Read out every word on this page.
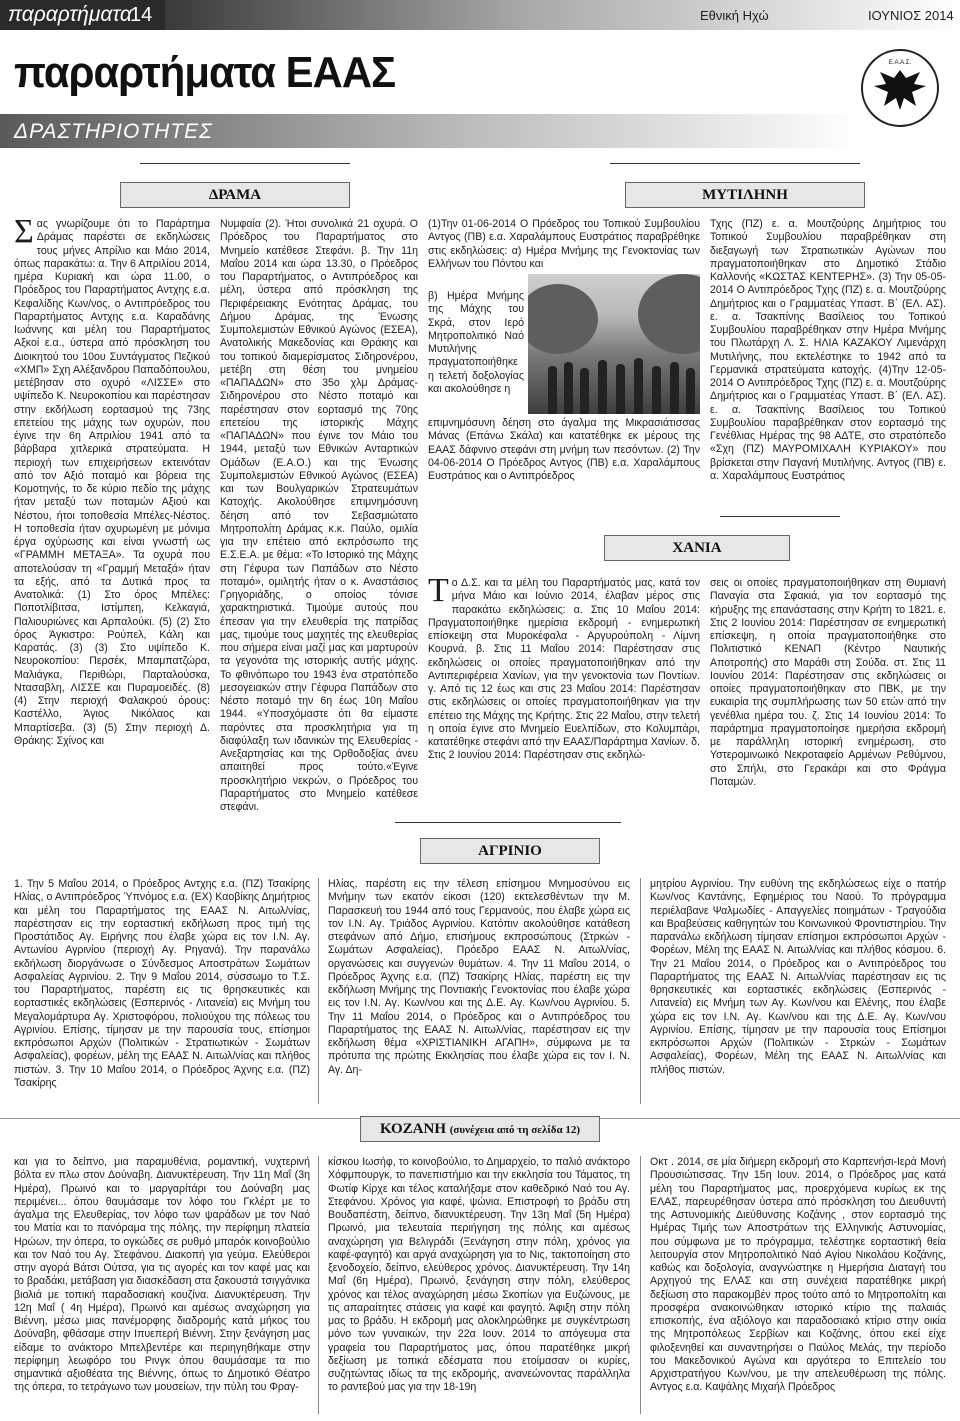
παραρτήματα
14	Εθνική Ηχώ	ΙΟΥΝΙΟΣ 2014
παραρτήματα ΕΑΑΣ
ΔΡΑΣΤΗΡΙΟΤΗΤΕΣ
Ε.Α.Α.Σ.
ΔΡΑΜΑ
Σας γνωρίζουμε ότι το Παράρτημα Δράμας παρέστει σε εκδηλώσεις τους μήνες Απρίλιο και Μάιο 2014, όπως παρακάτω: α. Την 6 Απριλίου 2014, ημέρα Κυριακή και ώρα 11.00, ο Πρόεδρος του Παραρτήματος Αντχης ε.α. Κεφαλίδης Κων/νος, ο Αντιπρόεδρος του Παραρτήματος Αντχης ε.α. Καραδάνης Ιωάννης και μέλη του Παραρτήματος Αξκοί ε.α., ύστερα από πρόσκληση του Διοικητού του 10ου Συντάγματος Πεζικού «ΧΜΠ» Σχη Αλέξανδρου Παπαδόπουλου, μετέβησαν στο οχυρό «ΛΙΣΣΕ» στο υψίπεδο Κ. Νευροκοπίου και παρέστησαν στην εκδήλωση εορτασμού της 73ης επετείου της μάχης των οχυρών, που έγινε την 6η Απριλίου 1941 από τα βάρβαρα χιτλερικά στρατεύματα. Η περιοχή των επιχειρήσεων εκτεινόταν από τον Αξιό ποταμό και βόρεια της Κομοτηνής, το δε κύριο πεδίο της μάχης ήταν μεταξύ των ποταμών Αξιού και Νέστου, ήτοι τοποθεσία Μπέλες-Νέστος. Η τοποθεσία ήταν οχυρωμένη με μόνιμα έργα οχύρωσης και είναι γνωστή ως «ΓΡΑΜΜΗ ΜΕΤΑΞΑ». Τα οχυρά που αποτελούσαν τη «Γραμμή Μεταξά» ήταν τα εξής, από τα Δυτικά προς τα Ανατολικά: (1) Στο όρος Μπέλες: Ποποτλίβιτσα, Ιστίμπεη, Κελκαγιά, Παλιουριώνες και Αρπαλούκι. (5) (2) Στο όρος Άγκιστρο: Ρούπελ, Κάλη και Καρατάς. (3) (3) Στο υψίπεδο Κ. Νευροκοπίου: Περσέκ, Μπαμπατζώρα, Μαλιάγκα, Περιθώρι, Παρταλούσκα, Ντασαβλη, ΛΙΣΣΕ και Πυραμοειδές. (8) (4) Στην περιοχή Φαλακρού όρους: Καστέλλο, Άγιος Νικόλαος και Μπαρτίσεβα. (3) (5) Στην περιοχή Δ. Θράκης: Σχίνος και
Νυμφαία (2). Ήτοι συνολικά 21 οχυρά. Ο Πρόεδρος του Παραρτήματος στο Μνημείο κατέθεσε Στεφάνι. β. Την 11η Μαΐου 2014 και ώρα 13.30, ο Πρόεδρος του Παραρτήματος, ο Αντιπρόεδρος και μέλη, ύστερα από πρόσκληση της Περιφέρειακης Ενότητας Δράμας, του Δήμου Δράμας, της Ένωσης Συμπολεμιστών Εθνικού Αγώνος (ΕΣΕΑ), Ανατολικής Μακεδονίας και Θράκης και του τοπικού διαμερίσματος Σιδηρονέρου, μετέβη στη θέση του μνημείου «ΠΑΠΑΔΩΝ» στο 35ο χλμ Δράμας-Σιδηρονέρου στο Νέστο ποταμό και παρέστησαν στον εορτασμό της 70ης επετείου της ιστορικής Μάχης «ΠΑΠΑΔΩΝ» που έγινε τον Μάιο του 1944, μεταξύ των Εθνικών Ανταρτικών Ομάδων (Ε.Α.Ο.) και της Ένωσης Συμπολεμιστών Εθνικού Αγώνος (ΕΣΕΑ) και των Βουλγαρικών Στρατευμάτων Κατοχής. Ακολούθησε επιμνημόσυνη δέηση από τον Σεβασμιώτατο Μητροπολίτη Δράμας κ.κ. Παύλο, ομιλία για την επέτειο από εκπρόσωπο της Ε.Σ.Ε.Α. με θέμα: «Το Ιστορικό της Μάχης στη Γέφυρα των Παπάδων στο Νέστο ποταμό», ομιλητής ήταν ο κ. Αναστάσιος Γρηγοριάδης, ο οποίος τόνισε χαρακτηριστικά. Τιμούμε αυτούς που έπεσαν για την ελευθερία της πατρίδας μας, τιμούμε τους μαχητές της ελευθερίας που σήμερα είναι μαζί μας και μαρτυρούν τα γεγονότα της ιστορικής αυτής μάχης. Το φθινόπωρο του 1943 ένα στρατόπεδο μεσογειακών στην Γέφυρα Παπάδων στο Νέστο ποταμό την 6η έως 10η Μαΐου 1944. «Υποσχόμαστε ότι θα είμαστε παρόντες στα προσκλητήρια για τη διαφύλαξη των ιδανικών της Ελευθερίας - Ανεξαρτησίας και της Ορθοδοξίας άνευ απαιτηθεί προς τούτο.«Έγινε προσκλητήριο νεκρών, ο Πρόεδρος του Παραρτήματος στο Μνημείο κατέθεσε στεφάνι.
ΜΥΤΙΛΗΝΗ
(1)Την 01-06-2014 Ο Πρόεδρος του Τοπικού Συμβουλίου Αντγος (ΠΒ) ε.α. Χαραλάμπους Ευστράτιος παραβρέθηκε στις εκδηλώσεις: α) Ημέρα Μνήμης της Γενοκτονίας των Ελλήνων του Πόντου και
β) Ημέρα Μνήμης της Μάχης του Σκρά, στον Ιερό Μητροπολιτικό Ναό Μυτιλήνης πραγματοποιήθηκε η τελετή δοξολογίας και ακολούθησε η
επιμνημόσυνη δέηση στο άγαλμα της Μικρασιάτισσας Μάνας (Επάνω Σκάλα) και κατατέθηκε εκ μέρους της ΕΑΑΣ δάφνινο στεφάνι στη μνήμη των πεσόντων. (2) Την 04-06-2014 Ο Πρόεδρος Αντγος (ΠΒ) ε.α. Χαραλάμπους Ευστράτιος και ο Αντιπρόεδρος
Τχης (ΠΖ) ε. α. Μουτζούρης Δημήτριος του Τοπικού Συμβουλίου παραβρέθηκαν στη διεξαγωγή των Στρατιωτικών Αγώνων που πραγματοποιήθηκαν στο Δημοτικό Στάδιο Καλλονής «ΚΩΣΤΑΣ ΚΕΝΤΕΡΗΣ». (3) Την 05-05-2014 Ο Αντιπρόεδρος Τχης (ΠΖ) ε. α. Μουτζούρης Δημήτριος και ο Γραμματέας Υπαστ. Β΄ (ΕΛ. ΑΣ). ε. α. Τσακπίνης Βασίλειος του Τοπικού Συμβουλίου παραβρέθηκαν στην Ημέρα Μνήμης του Πλωτάρχη Λ. Σ. ΗΛΙΑ ΚΑΖΑΚΟΥ Λιμενάρχη Μυτιλήνης, που εκτελέστηκε το 1942 από τα Γερμανικά στρατεύματα κατοχής. (4)Την 12-05-2014 Ο Αντιπρόεδρος Τχης (ΠΖ) ε. α. Μουτζούρης Δημήτριος και ο Γραμματέας Υπαστ. Β΄ (ΕΛ. ΑΣ). ε. α. Τσακπίνης Βασίλειος του Τοπικού Συμβουλίου παραβρέθηκαν στον εορτασμό της Γενέθλιας Ημέρας της 98 ΑΔΤΕ, στο στρατόπεδο «Σχη (ΠΖ) ΜΑΥΡΟΜΙΧΑΛΗ ΚΥΡΙΑΚΟΥ» που βρίσκεται στην Παγανή Μυτιλήνης. Αντγος (ΠΒ) ε. α. Χαραλάμπους Ευστράτιος
ΧΑΝΙΑ
Το Δ.Σ. και τα μέλη του Παραρτήματός μας, κατά τον μήνα Μάιο και Ιούνιο 2014, έλαβαν μέρος στις παρακάτω εκδηλώσεις: α. Στις 10 Μαΐου 2014: Πραγματοποιήθηκε ημερίσια εκδρομή - ενημερωτική επίσκεψη στα Μυροκέφαλα - Αργυρούπολη - Λίμνη Κουρνά. β. Στις 11 Μαΐου 2014: Παρέστησαν στις εκδηλώσεις οι οποίες πραγματοποιήθηκαν από την Αντιπεριφέρεια Χανίων, για την γενοκτονία των Ποντίων. γ. Από τις 12 έως και στις 23 Μαΐου 2014: Παρέστησαν στις εκδηλώσεις οι οποίες πραγματοποιήθηκαν για την επέτειο της Μάχης της Κρήτης. Στις 22 Μαΐου, στην τελετή η οποία έγινε στο Μνημείο Ευελπίδων, στο Κολυμπάρι, κατατέθηκε στεφάνι από την ΕΑΑΣ/Παράρτημα Χανίων. δ. Στις 2 Ιουνίου 2014: Παρέστησαν στις εκδηλώ-
σεις οι οποίες πραγματοποιήθηκαν στη Θυμιανή Παναγία στα Σφακιά, για τον εορτασμό της κήρυξης της επανάστασης στην Κρήτη το 1821. ε. Στις 2 Ιουνίου 2014: Παρέστησαν σε ενημερωτική επίσκεψη, η οποία πραγματοποιήθηκε στο Πολιτιστικό ΚΕΝΑΠ (Κέντρο Ναυτικής Αποτροπής) στο Μαράθι στη Σούδα. στ. Στις 11 Ιουνίου 2014: Παρέστησαν στις εκδηλώσεις οι οποίες πραγματοποιήθηκαν στο ΠΒΚ, με την ευκαιρία της συμπλήρωσης των 50 ετών από την γενέθλια ημέρα του. ζ. Στις 14 Ιουνίου 2014: Το παράρτημα πραγματοποίησε ημερήσια εκδρομή με παράλληλη ιστορική ενημέρωση, στο Υστερομινωικό Νεκροταφείο Αρμένων Ρεθύμνου, στο Σπήλι, στο Γερακάρι και στο Φράγμα Ποταμών.
ΑΓΡΙΝΙΟ
1. Την 5 Μαΐου 2014, ο Πρόεδρος Αντχης ε.α. (ΠΖ) Τσακίρης Ηλίας, ο Αντιπρόεδρος Ύπνόμος ε.α. (ΕΧ) Καοβίκης Δημήτριος και μέλη του Παραρτήματος της ΕΑΑΣ Ν. Αιτωλ/νίας, παρέστησαν εις την εορταστική εκδήλωση προς τιμή της Προστάτιδος Αγ. Ειρήνης που έλαβε χώρα εις τον Ι.Ν. Αγ. Αντωνίου Αγρινίου (περιοχή Αγ. Ρηγανά). Την παρανάλω εκδήλωση διοργάνωσε ο Σύνδεσμος Αποστράτων Σωμάτων Ασφαλείας Αγρινίου. 2. Την 9 Μαΐου 2014, σύσσωμο το Τ.Σ. του Παραρτήματος, παρέστη εις τις θρησκευτικές και εορταστικές εκδηλώσεις (Εσπερινός - Λιτανεία) εις Μνήμη του Μεγαλομάρτυρα Αγ. Χριστοφόρου, πολιούχου της πόλεως του Αγρινίου. Επίσης, τίμησαν με την παρουσία τους, επίσημοι εκπρόσωποι Αρχών (Πολιτικών - Στρατιωτικών - Σωμάτων Ασφαλείας), φορέων, μέλη της ΕΑΑΣ Ν. Αιτωλ/νίας και πλήθος πιστών. 3. Την 10 Μαΐου 2014, ο Πρόεδρος Άχνης ε.α. (ΠΖ) Τσακίρης
Ηλίας, παρέστη εις την τέλεση επίσημου Μνημοσύνου εις Μνήμην των εκατόν είκοσι (120) εκτελεσθέντων την Μ. Παρασκευή του 1944 από τους Γερμανούς, που έλαβε χώρα εις τον Ι.Ν. Αγ. Τριάδος Αγρινίου. Κατόπιν ακολούθησε κατάθεση στεφάνων από Δήμο, επισήμους εκπροσώπους (Στρκών - Σωμάτων Ασφαλείας), Πρόεδρο ΕΑΑΣ Ν. Αιτωλ/νίας, οργανώσεις και συγγενών θυμάτων. 4. Την 11 Μαΐου 2014, ο Πρόεδρος Άχνης ε.α. (ΠΖ) Τσακίρης Ηλίας, παρέστη εις την εκδήλωση Μνήμης της Ποντιακής Γενοκτονίας που έλαβε χώρα εις τον Ι.Ν. Αγ. Κων/νου και της Δ.Ε. Αγ. Κων/νου Αγρινίου. 5. Την 11 Μαΐου 2014, ο Πρόεδρος και ο Αντιπρόεδρος του Παραρτήματος της ΕΑΑΣ Ν. Αιτωλ/νίας, παρέστησαν εις την εκδήλωση θέμα «ΧΡΙΣΤΙΑΝΙΚΗ ΑΓΑΠΗ», σύμφωνα με τα πρότυπα της πρώτης Εκκλησίας που έλαβε χώρα εις τον Ι. Ν. Αγ. Δη-
μητρίου Αγρινίου. Την ευθύνη της εκδηλώσεως είχε ο πατήρ Κων/νος Καντάνης, Εφημέριος του Ναού. Το πρόγραμμα περιέλαβανε Ψαλμωδίες - Απαγγελίες ποιημάτων - Τραγούδια και Βραβεύσεις καθηγητών του Κοινωνικού Φροντιστηρίου. Την παρανάλω εκδήλωση τίμησαν επίσημοι εκπρόσωποι Αρχών - Φορέων, Μέλη της ΕΑΑΣ Ν. Αιτωλ/νίας και πλήθος κόσμου. 6. Την 21 Μαΐου 2014, ο Πρόεδρος και ο Αντιπρόεδρος του Παραρτήματος της ΕΑΑΣ Ν. Αιτωλ/νίας παρέστησαν εις τις θρησκευτικές και εορταστικές εκδηλώσεις (Εσπερινός - Λιτανεία) εις Μνήμη των Αγ. Κων/νου και Ελένης, που έλαβε χώρα εις τον Ι.Ν. Αγ. Κων/νου και της Δ.Ε. Αγ. Κων/νου Αγρινίου. Επίσης, τίμησαν με την παρουσία τους Επίσημοι εκπρόσωποι Αρχών (Πολιτικών - Στρκών - Σωμάτων Ασφαλείας), Φορέων, Μέλη της ΕΑΑΣ Ν. Αιτωλ/νίας και πλήθος πιστών.
ΚΟΖΑΝΗ (συνέχεια από τη σελίδα 12)
και για το δείπνο, μια παραμυθένια, ρομαντική, νυχτερινή βόλτα εν πλω στον Δούναβη. Διανυκτέρευση. Την 11η Μαΐ (3η Ημέρα), Πρωινό και το μαργαρίτάρι του Δούναβη μας περιμένει... όπου θαυμάσαμε τον λόφο του Γκλέρτ με το άγαλμα της Ελευθερίας, τον λόφο των ψαράδων με τον Ναό του Ματία και το πανόραμα της πόλης, την περίφημη πλατεία Ηρώων, την όπερα, το ογκώδες σε ρυθμό μπαρόκ κοινοβούλιο και τον Ναό του Αγ. Στεφάνου. Διακοπή για γεύμα. Ελεύθεροι στην αγορά Βάτσι Ούτσα, για τις αγορές και τον καφέ μας και το βραδάκι, μετάβαση για διασκέδαση στα ξακουστά τσιγγάνικα βιολιά με τοπική παραδοσιακή κουζίνα. Διανυκτέρευση. Την 12η Μαΐ ( 4η Ημέρα), Πρωινό και αμέσως αναχώρηση για Βιέννη, μέσω μιας πανέμορφης διαδρομής κατά μήκος του Δούναβη, φθάσαμε στην Ιπυεπερή Βιέννη. Στην ξενάγηση μας είδαμε το ανάκτορο Μπελβεντέρε και περιηγηθήκαμε στην περίφημη λεωφόρο του Ρινγκ όπου θαυμάσαμε τα πιο σημαντικά αξιοθέατα της Βιέννης, όπως το Δημοτικό Θέατρο της όπερα, το τετράγωνο των μουσείων, την πύλη του Φραγ-
κίσκου Ιωσήφ, το κοινοβούλιο, το Δημαρχείο, το παλιό ανάκτορο Χόφμπουργκ, το πανεπιστήμιο και την εκκλησία του Τάματος, τη Φωτίφ Κίρχε και τέλος καταλήξαμε στον καθεδρικό Ναό του Αγ. Στεφάνου. Χρόνος για καφέ, ψώνια. Επιστροφή το βράδυ στη Βουδαπέστη, δείπνο, διανυκτέρευση. Την 13η Μαΐ (5η Ημέρα) Πρωινό, μια τελευταία περιήγηση της πόλης και αμέσως αναχώρηση για Βελιγράδι (Ξενάγηση στην πόλη, χρόνος για καφέ-φαγητό) και αργά αναχώρηση για το Νις, τακτοποίηση στο ξενοδοχείο, δείπνο, ελεύθερος χρόνος. Διανυκτέρευση. Την 14η Μαΐ (6η Ημέρα), Πρωινό, ξενάγηση στην πόλη, ελεύθερος χρόνος και τέλος αναχώρηση μέσω Σκοπίων για Ευζώνους, με τις απαραίτητες στάσεις για καφέ και φαγητό. Άφιξη στην πόλη μας το βράδυ. Η εκδρομή μας ολοκληρώθηκε με συγκέντρωση μόνο των γυναικών, την 22α Ιουν. 2014 το απόγευμα στα γραφεία του Παραρτήματος μας, όπου παρατέθηκε μικρή δεξίωση με τοπικά εδέσματα που ετοίμασαν οι κυρίες, συζητώντας ιδίως τα της εκδρομής, ανανεώνοντας παράλληλα το ραντεβού μας για την 18-19η
Οκτ . 2014, σε μία διήμερη εκδρομή στο Καρπενήσι-Ιερά Μονή Προυσιώτισσας. Την 15η Ιουν. 2014, ο Πρόεδρος μας κατά μέλη του Παραρτήματος μας, προερχόμενα κυρίως εκ της ΕΛΑΣ, παρευρέθησαν ύστερα από πρόσκληση του Διευθυντή της Αστυνομικής Διεύθυνσης Κοζάνης , στον εορτασμό της Ημέρας Τιμής των Αποστράτων της Ελληνικής Αστυνομίας, που σύμφωνα με το πρόγραμμα, τελέστηκε εορταστική θεία λειτουργία στον Μητροπολιτικό Ναό Αγίου Νικολάου Κοζάνης, καθώς και δοξολογία, αναγνώστηκε η Ημερήσια Διαταγή του Αρχηγού της ΕΛΑΣ και στη συνέχεια παρατέθηκε μικρή δεξίωση στο παρακομβέν προς τούτο από το Μητροπολίτη και προσφέρα ανακοινώθηκαν ιστορικό κτίριο της παλαιάς επισκοπής, ένα αξιόλογο και παραδοσιακό κτίριο στην οικία της Μητροπόλεως Σερβίων και Κοζάνης, όπου εκεί είχε φιλοξενηθεί και συναντηρήσει ο Παύλος Μελάς, την περίοδο του Μακεδονικού Αγώνα και αργότερα το Επιτελείο του Αρχιστρατήγου Κων/νου, με την απελευθέρωση της πόλης. Αντγος ε.α. Καψάλης Μιχαήλ Πρόεδρος
